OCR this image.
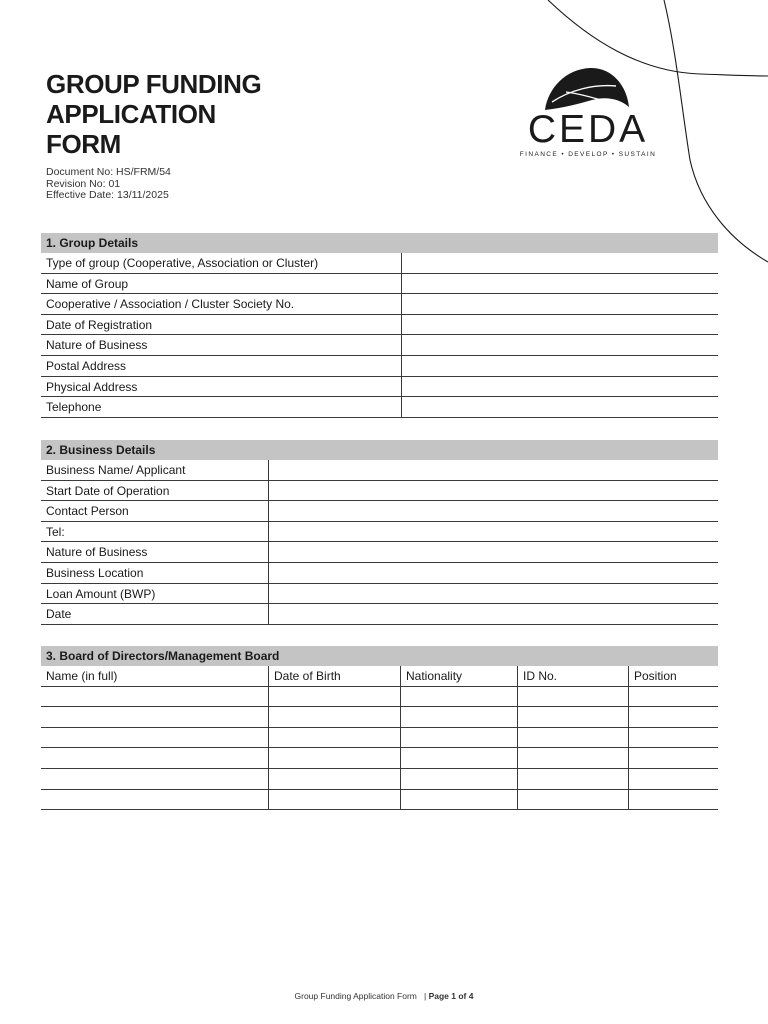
GROUP FUNDING
APPLICATION
FORM
Document No: HS/FRM/54
Revision No: 01
Effective Date: 13/11/2025
CEDA
FINANCE • DEVELOP • SUSTAIN
1. Group Details
Type of group (Cooperative, Association or Cluster)
Name of Group
Cooperative / Association / Cluster Society No.
Date of Registration
Nature of Business
Postal Address
Physical Address
Telephone
2. Business Details
Business Name/ Applicant
Start Date of Operation
Contact Person
Tel:
Nature of Business
Business Location
Loan Amount (BWP)
Date
3. Board of Directors/Management Board
Name (in full)	Date of Birth	Nationality	ID No.	Position
Group Funding Application Form | Page 1 of 4
